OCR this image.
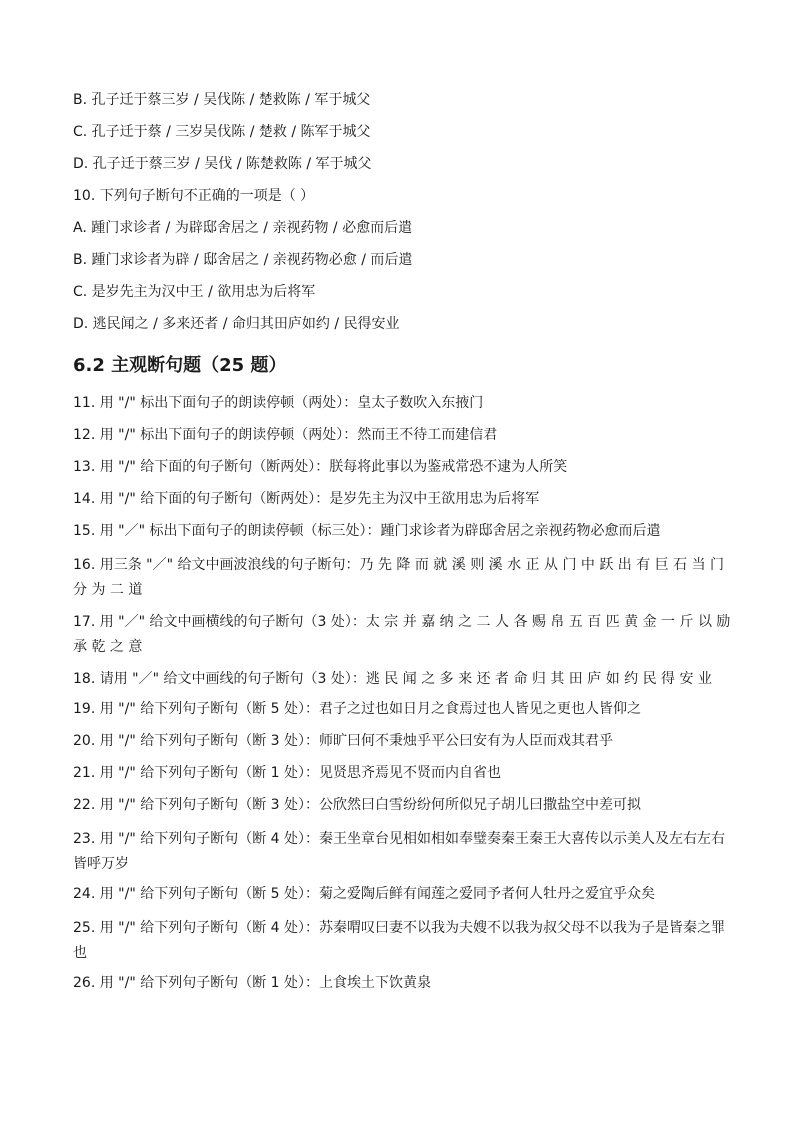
B. 孔子迁于蔡三岁 / 吴伐陈 / 楚救陈 / 军于城父
C. 孔子迁于蔡 / 三岁吴伐陈 / 楚救 / 陈军于城父
D. 孔子迁于蔡三岁 / 吴伐 / 陈楚救陈 / 军于城父
10. 下列句子断句不正确的一项是（ ）
A. 踵门求诊者 / 为辟邸舍居之 / 亲视药物 / 必愈而后遣
B. 踵门求诊者为辟 / 邸舍居之 / 亲视药物必愈 / 而后遣
C. 是岁先主为汉中王 / 欲用忠为后将军
D. 逃民闻之 / 多来还者 / 命归其田庐如约 / 民得安业
6.2 主观断句题（25 题）
11. 用 "/" 标出下面句子的朗读停顿（两处）：皇太子数吹入东掖门
12. 用 "/" 标出下面句子的朗读停顿（两处）：然而王不待工而建信君
13. 用 "/" 给下面的句子断句（断两处）：朕每将此事以为鉴戒常恐不逮为人所笑
14. 用 "/" 给下面的句子断句（断两处）：是岁先主为汉中王欲用忠为后将军
15. 用 "／" 标出下面句子的朗读停顿（标三处）：踵门求诊者为辟邸舍居之亲视药物必愈而后遣
16. 用三条 "／" 给文中画波浪线的句子断句：乃 先 降 而 就 溪 则 溪 水 正 从 门 中 跃 出 有 巨 石 当 门 分 为 二 道
17. 用 "／" 给文中画横线的句子断句（3 处）：太 宗 并 嘉 纳 之 二 人 各 赐 帛 五 百 匹 黄 金 一 斤 以 励 承 乾 之 意
18. 请用 "／" 给文中画线的句子断句（3 处）：逃 民 闻 之 多 来 还 者 命 归 其 田 庐 如 约 民 得 安 业
19. 用 "/" 给下列句子断句（断 5 处）：君子之过也如日月之食焉过也人皆见之更也人皆仰之
20. 用 "/" 给下列句子断句（断 3 处）：师旷曰何不秉烛乎平公曰安有为人臣而戏其君乎
21. 用 "/" 给下列句子断句（断 1 处）：见贤思齐焉见不贤而内自省也
22. 用 "/" 给下列句子断句（断 3 处）：公欣然曰白雪纷纷何所似兄子胡儿曰撒盐空中差可拟
23. 用 "/" 给下列句子断句（断 4 处）：秦王坐章台见相如相如奉璧奏秦王秦王大喜传以示美人及左右左右皆呼万岁
24. 用 "/" 给下列句子断句（断 5 处）：菊之爱陶后鲜有闻莲之爱同予者何人牡丹之爱宜乎众矣
25. 用 "/" 给下列句子断句（断 4 处）：苏秦喟叹曰妻不以我为夫嫂不以我为叔父母不以我为子是皆秦之罪也
26. 用 "/" 给下列句子断句（断 1 处）：上食埃土下饮黄泉
